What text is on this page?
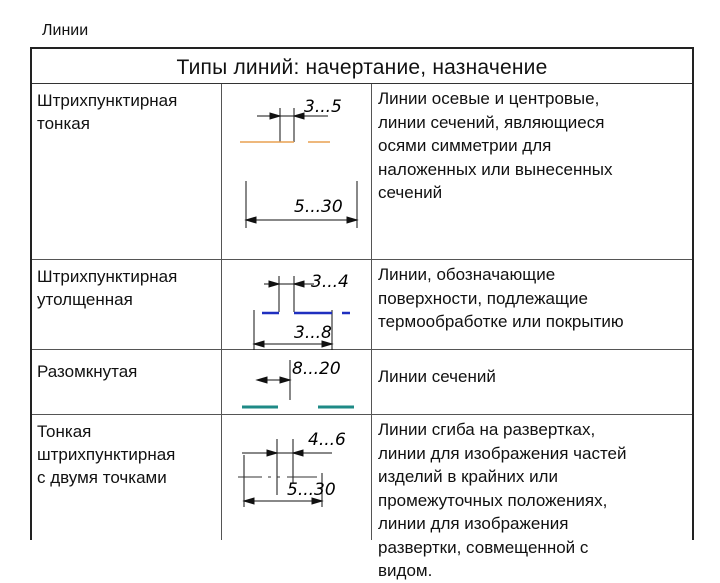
Линии
Типы линий: начертание, назначение
Штрихпунктирная
тонкая
Линии осевые и центровые,
линии сечений, являющиеся
осями симметрии для
наложенных или вынесенных
сечений
3...5
5...30
Штрихпунктирная
утолщенная
Линии, обозначающие
поверхности, подлежащие
термообработке или покрытию
3...4
3...8
Разомкнутая	Линии сечений
8...20
Тонкая
штрихпунктирная
с двумя точками
Линии сгиба на развертках,
линии для изображения частей
изделий в крайних или
промежуточных положениях,
линии для изображения
развертки, совмещенной с
видом.
4...6
5...30
